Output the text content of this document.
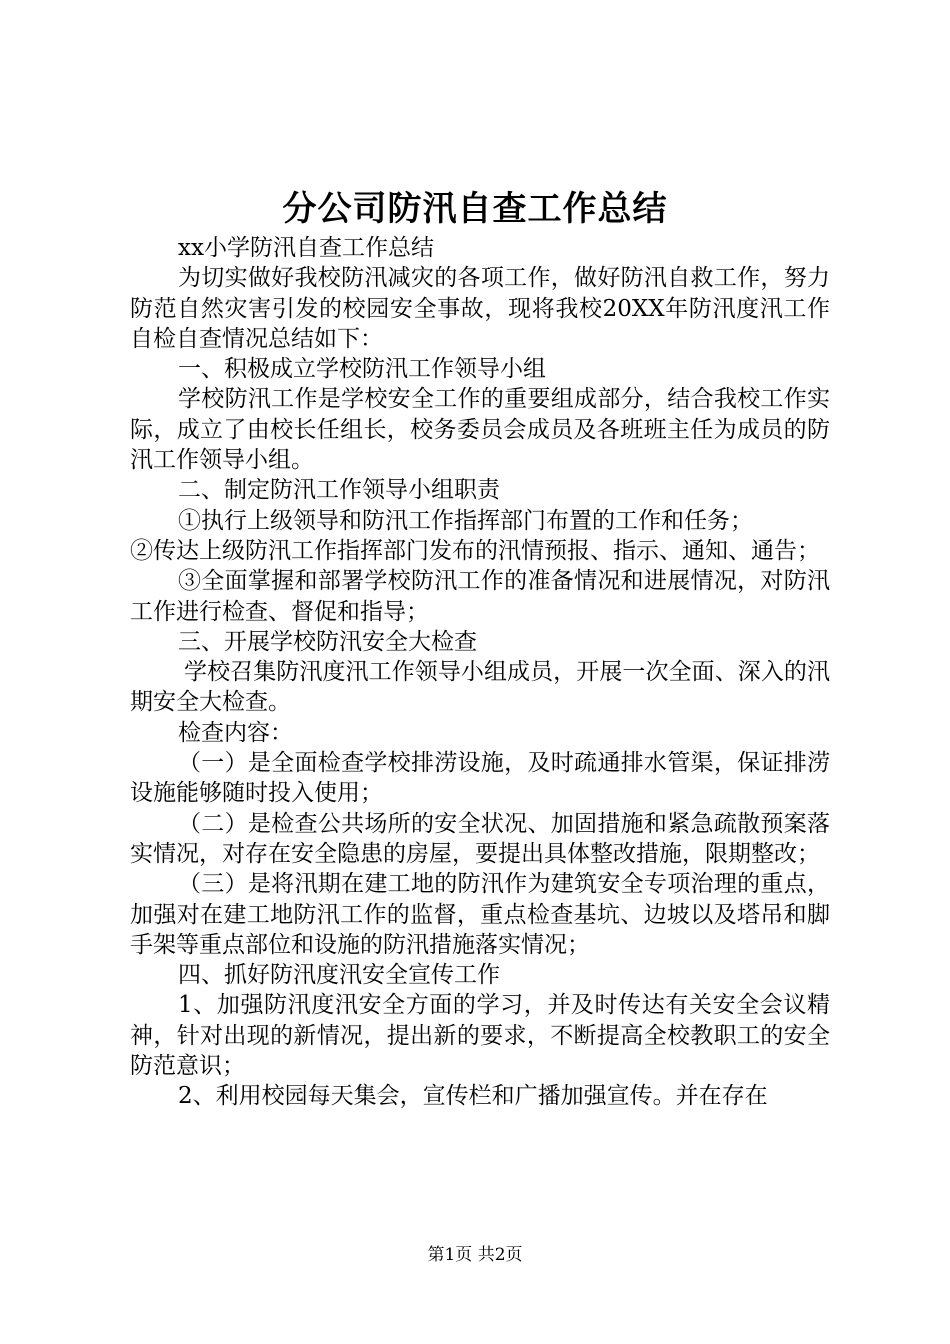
分公司防汛自查工作总结

xx小学防汛自查工作总结

为切实做好我校防汛减灾的各项工作，做好防汛自救工作，努力防范自然灾害引发的校园安全事故，现将我校20XX年防汛度汛工作自检自查情况总结如下：

一、积极成立学校防汛工作领导小组

学校防汛工作是学校安全工作的重要组成部分，结合我校工作实际，成立了由校长任组长，校务委员会成员及各班班主任为成员的防汛工作领导小组。

二、制定防汛工作领导小组职责

①执行上级领导和防汛工作指挥部门布置的工作和任务；

②传达上级防汛工作指挥部门发布的汛情预报、指示、通知、通告；

③全面掌握和部署学校防汛工作的准备情况和进展情况，对防汛工作进行检查、督促和指导；

三、开展学校防汛安全大检查

学校召集防汛度汛工作领导小组成员，开展一次全面、深入的汛期安全大检查。

检查内容：

（一）是全面检查学校排涝设施，及时疏通排水管渠，保证排涝设施能够随时投入使用；

（二）是检查公共场所的安全状况、加固措施和紧急疏散预案落实情况，对存在安全隐患的房屋，要提出具体整改措施，限期整改；

（三）是将汛期在建工地的防汛作为建筑安全专项治理的重点，加强对在建工地防汛工作的监督，重点检查基坑、边坡以及塔吊和脚手架等重点部位和设施的防汛措施落实情况；

四、抓好防汛度汛安全宣传工作

1、加强防汛度汛安全方面的学习，并及时传达有关安全会议精神，针对出现的新情况，提出新的要求，不断提高全校教职工的安全防范意识；

2、利用校园每天集会，宣传栏和广播加强宣传。并在存在

第1页 共2页
